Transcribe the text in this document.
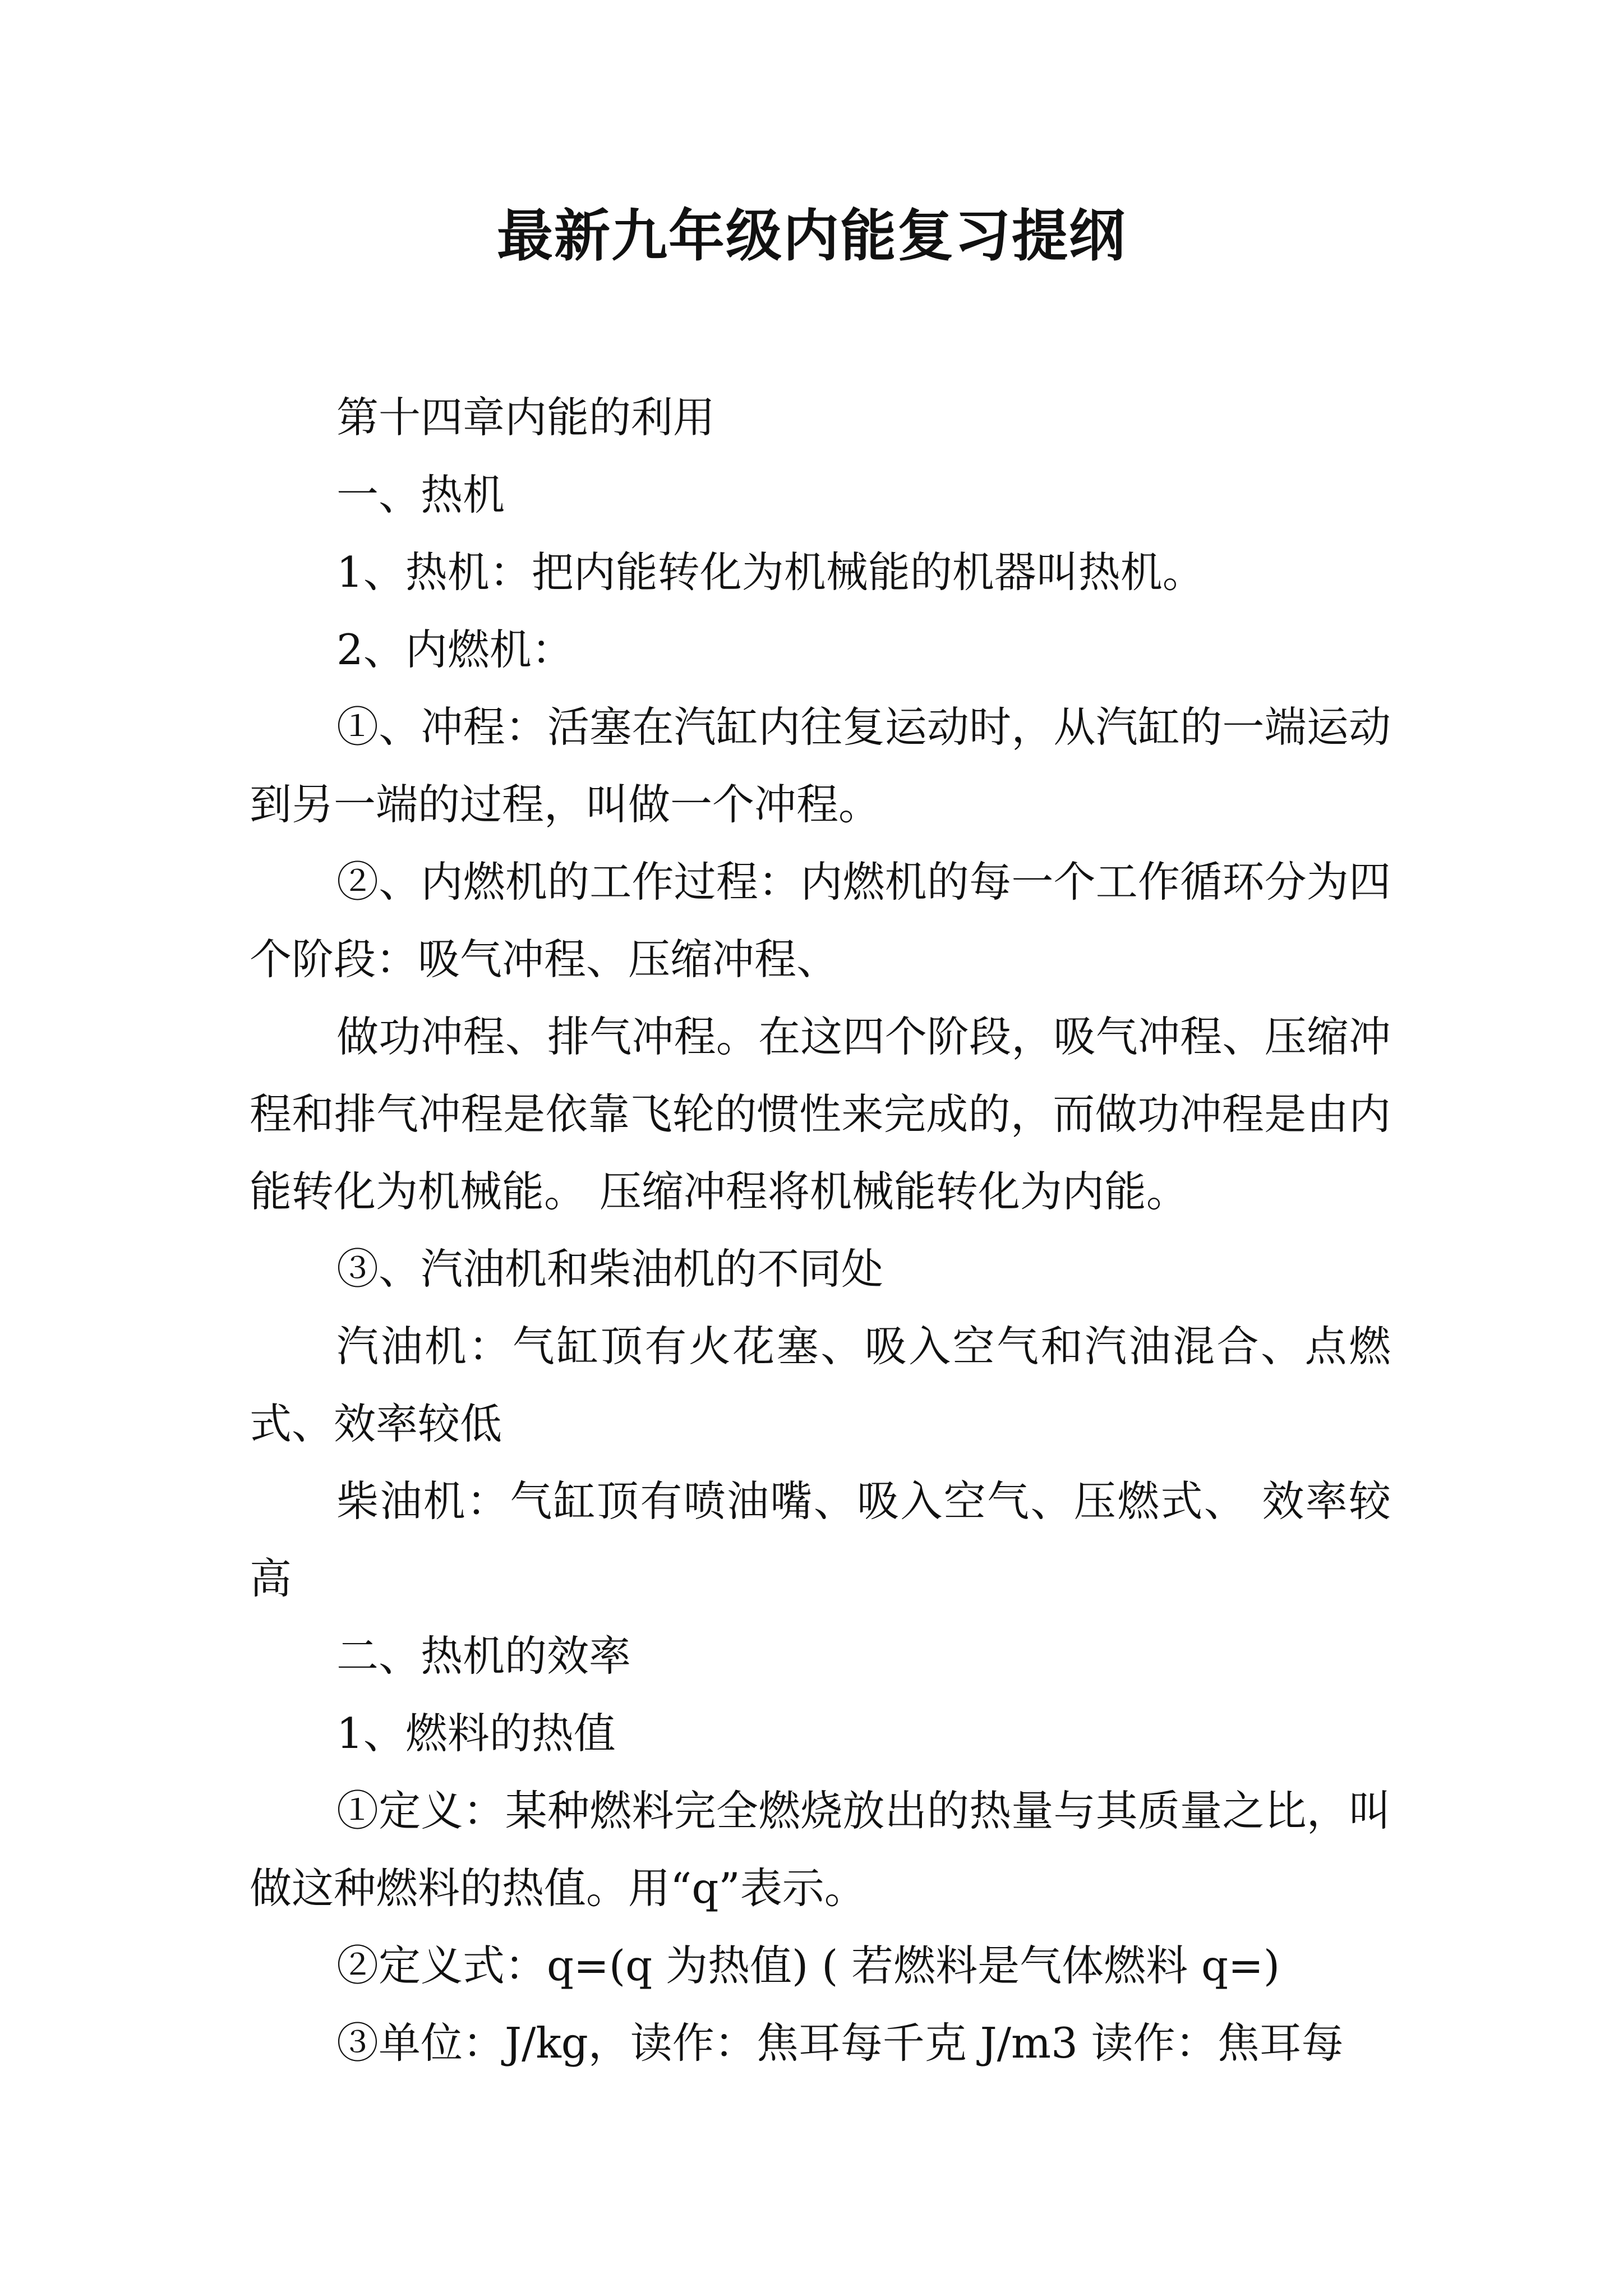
最新九年级内能复习提纲

第十四章内能的利用

一、热机

1、热机：把内能转化为机械能的机器叫热机。

2、内燃机：

①、冲程：活塞在汽缸内往复运动时，从汽缸的一端运动到另一端的过程，叫做一个冲程。

②、内燃机的工作过程：内燃机的每一个工作循环分为四个阶段：吸气冲程、压缩冲程、

做功冲程、排气冲程。在这四个阶段，吸气冲程、压缩冲程和排气冲程是依靠飞轮的惯性来完成的，而做功冲程是由内能转化为机械能。 压缩冲程将机械能转化为内能。

③、汽油机和柴油机的不同处

汽油机：气缸顶有火花塞、吸入空气和汽油混合、点燃式、效率较低

柴油机：气缸顶有喷油嘴、吸入空气、压燃式、 效率较高

二、热机的效率

1、燃料的热值

①定义：某种燃料完全燃烧放出的热量与其质量之比，叫做这种燃料的热值。用“q”表示。

②定义式：q=(q 为热值) ( 若燃料是气体燃料 q=)

③单位：J/kg，读作：焦耳每千克 J/m3 读作：焦耳每
